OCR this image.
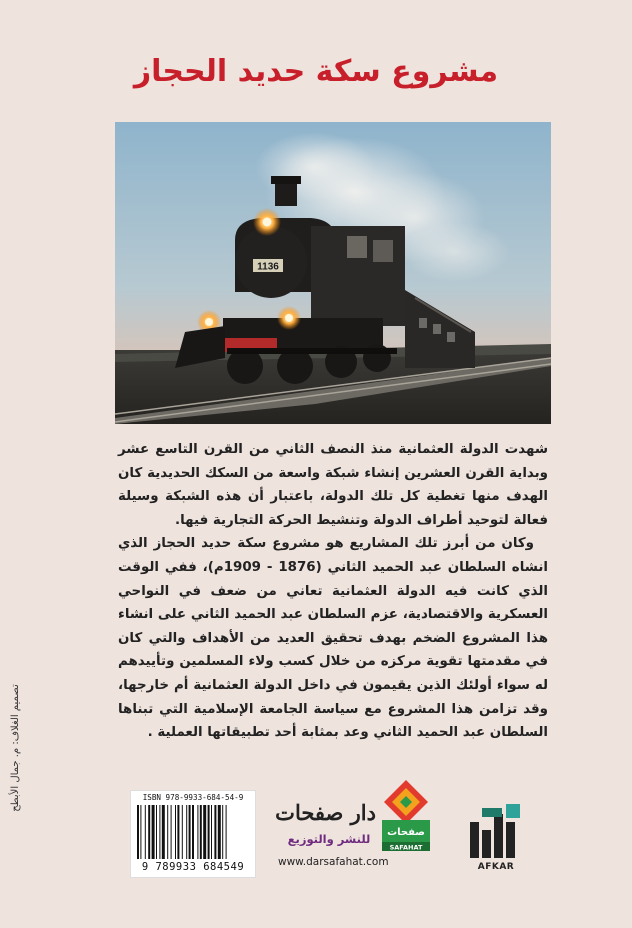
مشروع سكة حديد الحجاز
1136

شهدت الدولة العثمانية منذ النصف الثاني من القرن التاسع عشر وبداية القرن العشرين إنشاء شبكة واسعة من السكك الحديدية كان الهدف منها تغطية كل تلك الدولة، باعتبار أن هذه الشبكة وسيلة فعالة لتوحيد أطراف الدولة وتنشيط الحركة التجارية فيها.

وكان من أبرز تلك المشاريع هو مشروع سكة حديد الحجاز الذي انشاه السلطان عبد الحميد الثاني (1876 - 1909م)، ففي الوقت الذي كانت فيه الدولة العثمانية تعاني من ضعف في النواحي العسكرية والاقتصادية، عزم السلطان عبد الحميد الثاني على انشاء هذا المشروع الضخم بهدف تحقيق العديد من الأهداف والتي كان في مقدمتها تقوية مركزه من خلال كسب ولاء المسلمين وتأييدهم له سواء أولئك الذين يقيمون في داخل الدولة العثمانية أم خارجها، وقد تزامن هذا المشروع مع سياسة الجامعة الإسلامية التي تبناها السلطان عبد الحميد الثاني وعد بمثابة أحد تطبيقاتها العملية .

تصميم الغلاف: م. جمال الأبطح	ISBN 978-9933-684-54-9
9 789933 684549
دار صفحات
للنشر والتوزيع
www.darsafahat.com
صفحات
SAFAHAT
AFKAR
